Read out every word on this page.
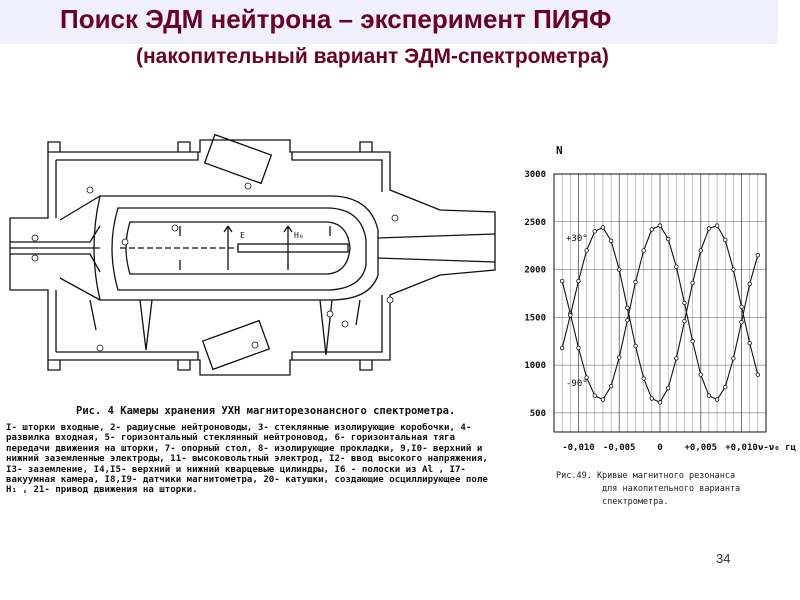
Поиск ЭДМ нейтрона – эксперимент ПИЯФ
(накопительный вариант ЭДМ-спектрометра)
E	H₀
Рис. 4 Камеры хранения УХН магниторезонансного спектрометра.
I- шторки входные, 2- радиусные нейтроноводы, 3- стеклянные изолирующие коробочки, 4- развилка входная, 5- горизонтальный стеклянный нейтроновод, 6- горизонтальная тяга передачи движения на шторки, 7- опорный стол, 8- изолирующие прокладки, 9,I0- верхний и нижний заземленные электроды, 11- высоковольтный электрод, I2- ввод высокого напряжения, I3- заземление, I4,I5- верхний и нижний кварцевые цилиндры, I6 - полоски из Al , I7- вакуумная камера, I8,I9- датчики магнитометра, 20- катушки, создающие осциллирующее поле H₁ , 21- привод движения на шторки.
3000
2500
2000
1500
1000
500
-0,010 -0,005 0 +0,005 +0,010
N
ν-ν₀ гц
+30°
-90°
Рис.49. Кривые магнитного резонанса
для накопительного варианта
спектрометра.
34
